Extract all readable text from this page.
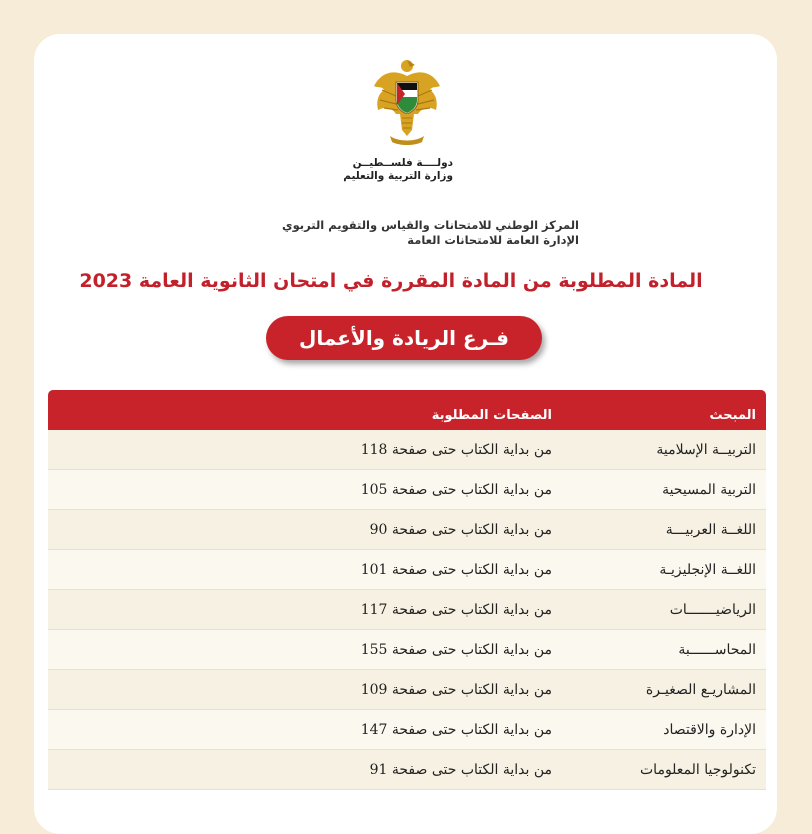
دولــــة فلســطيــن
وزارة التربية والتعليم
المركز الوطني للامتحانات والقياس والتقويم التربوي
الإدارة العامة للامتحانات العامة
المادة المطلوبة من المادة المقررة في امتحان الثانوية العامة 2023
فـرع الريادة والأعمال
المبحث
الصفحات المطلوبة
التربيــة الإسلامية
من بداية الكتاب حتى صفحة 118
التربية المسيحية
من بداية الكتاب حتى صفحة 105
اللغــة العربيـــة
من بداية الكتاب حتى صفحة 90
اللغــة الإنجليزيـة
من بداية الكتاب حتى صفحة 101
الرياضيـــــــات
من بداية الكتاب حتى صفحة 117
المحاســــــبة
من بداية الكتاب حتى صفحة 155
المشاريـع الصغيـرة
من بداية الكتاب حتى صفحة 109
الإدارة والاقتصاد
من بداية الكتاب حتى صفحة 147
تكنولوجيا المعلومات
من بداية الكتاب حتى صفحة 91
